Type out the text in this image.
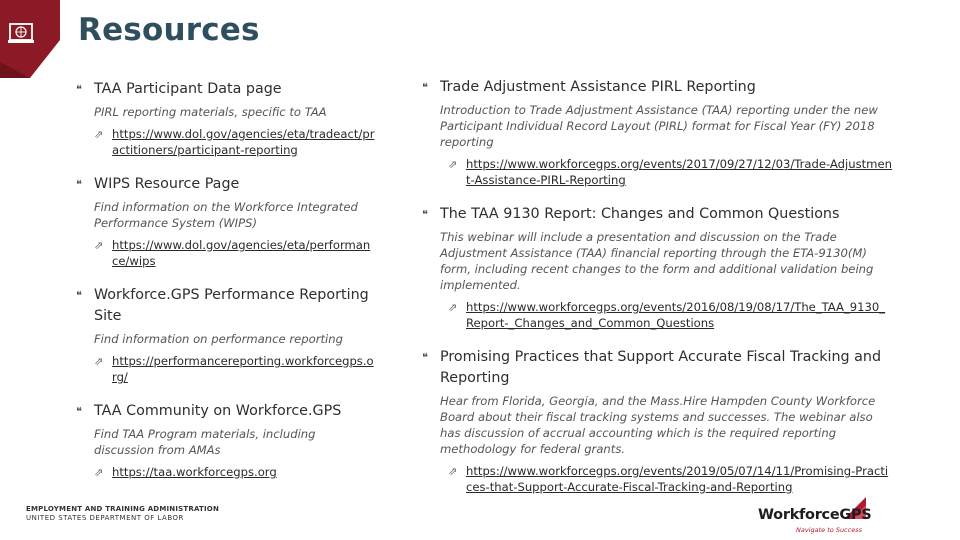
Resources
❝ TAA Participant Data page
PIRL reporting materials, specific to TAA
⇗ https://www.dol.gov/agencies/eta/tradeact/practitioners/participant-reporting
❝ WIPS Resource Page
Find information on the Workforce Integrated Performance System (WIPS)
⇗ https://www.dol.gov/agencies/eta/performance/wips
❝ Workforce.GPS Performance Reporting Site
Find information on performance reporting
⇗ https://performancereporting.workforcegps.org/
❝ TAA Community on Workforce.GPS
Find TAA Program materials, including discussion from AMAs
⇗ https://taa.workforcegps.org
❝ Trade Adjustment Assistance PIRL Reporting
Introduction to Trade Adjustment Assistance (TAA) reporting under the new Participant Individual Record Layout (PIRL) format for Fiscal Year (FY) 2018 reporting
⇗ https://www.workforcegps.org/events/2017/09/27/12/03/Trade-Adjustment-Assistance-PIRL-Reporting
❝ The TAA 9130 Report: Changes and Common Questions
This webinar will include a presentation and discussion on the Trade Adjustment Assistance (TAA) financial reporting through the ETA-9130(M) form, including recent changes to the form and additional validation being implemented.
⇗ https://www.workforcegps.org/events/2016/08/19/08/17/The_TAA_9130_Report-_Changes_and_Common_Questions
❝ Promising Practices that Support Accurate Fiscal Tracking and Reporting
Hear from Florida, Georgia, and the Mass.Hire Hampden County Workforce Board about their fiscal tracking systems and successes. The webinar also has discussion of accrual accounting which is the required reporting methodology for federal grants.
⇗ https://www.workforcegps.org/events/2019/05/07/14/11/Promising-Practices-that-Support-Accurate-Fiscal-Tracking-and-Reporting
EMPLOYMENT AND TRAINING ADMINISTRATION
UNITED STATES DEPARTMENT OF LABOR	WorkforceGPS
Navigate to Success
